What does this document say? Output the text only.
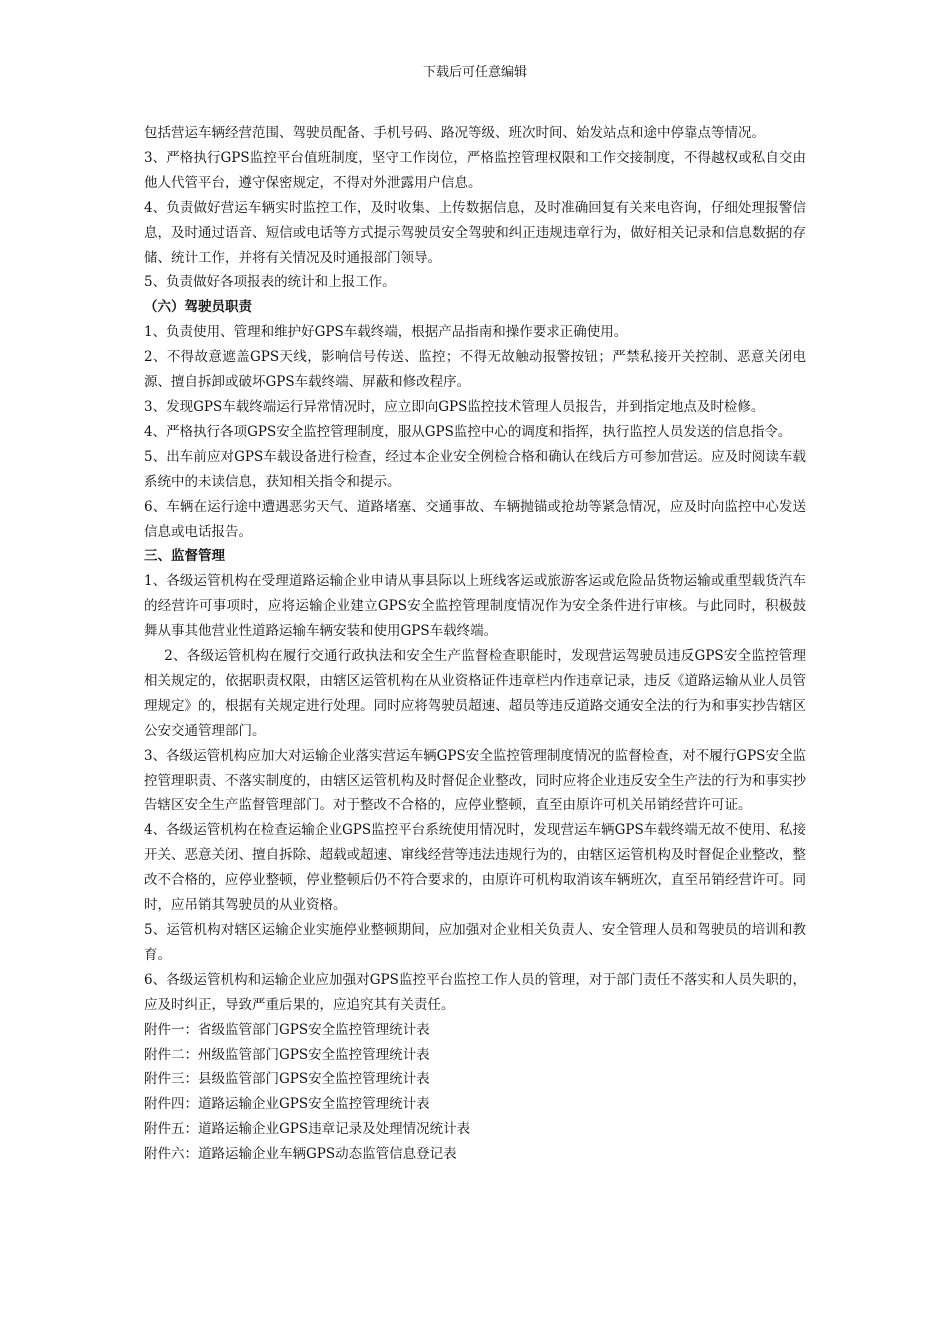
下载后可任意编辑

包括营运车辆经营范围、驾驶员配备、手机号码、路况等级、班次时间、始发站点和途中停靠点等情况。

3、严格执行GPS监控平台值班制度，坚守工作岗位，严格监控管理权限和工作交接制度，不得越权或私自交由他人代管平台，遵守保密规定，不得对外泄露用户信息。

4、负责做好营运车辆实时监控工作，及时收集、上传数据信息，及时准确回复有关来电咨询，仔细处理报警信息，及时通过语音、短信或电话等方式提示驾驶员安全驾驶和纠正违规违章行为，做好相关记录和信息数据的存储、统计工作，并将有关情况及时通报部门领导。

5、负责做好各项报表的统计和上报工作。

（六）驾驶员职责

1、负责使用、管理和维护好GPS车载终端，根据产品指南和操作要求正确使用。

2、不得故意遮盖GPS天线，影响信号传送、监控；不得无故触动报警按钮；严禁私接开关控制、恶意关闭电源、擅自拆卸或破坏GPS车载终端、屏蔽和修改程序。

3、发现GPS车载终端运行异常情况时，应立即向GPS监控技术管理人员报告，并到指定地点及时检修。

4、严格执行各项GPS安全监控管理制度，服从GPS监控中心的调度和指挥，执行监控人员发送的信息指令。

5、出车前应对GPS车载设备进行检查，经过本企业安全例检合格和确认在线后方可参加营运。应及时阅读车载系统中的未读信息，获知相关指令和提示。

6、车辆在运行途中遭遇恶劣天气、道路堵塞、交通事故、车辆抛锚或抢劫等紧急情况，应及时向监控中心发送信息或电话报告。

三、监督管理

1、各级运管机构在受理道路运输企业申请从事县际以上班线客运或旅游客运或危险品货物运输或重型载货汽车的经营许可事项时，应将运输企业建立GPS安全监控管理制度情况作为安全条件进行审核。与此同时，积极鼓舞从事其他营业性道路运输车辆安装和使用GPS车载终端。

2、各级运管机构在履行交通行政执法和安全生产监督检查职能时，发现营运驾驶员违反GPS安全监控管理相关规定的，依据职责权限，由辖区运管机构在从业资格证件违章栏内作违章记录，违反《道路运输从业人员管理规定》的，根据有关规定进行处理。同时应将驾驶员超速、超员等违反道路交通安全法的行为和事实抄告辖区公安交通管理部门。

3、各级运管机构应加大对运输企业落实营运车辆GPS安全监控管理制度情况的监督检查，对不履行GPS安全监控管理职责、不落实制度的，由辖区运管机构及时督促企业整改，同时应将企业违反安全生产法的行为和事实抄告辖区安全生产监督管理部门。对于整改不合格的，应停业整顿，直至由原许可机关吊销经营许可证。

4、各级运管机构在检查运输企业GPS监控平台系统使用情况时，发现营运车辆GPS车载终端无故不使用、私接开关、恶意关闭、擅自拆除、超载或超速、窜线经营等违法违规行为的，由辖区运管机构及时督促企业整改，整改不合格的，应停业整顿，停业整顿后仍不符合要求的，由原许可机构取消该车辆班次，直至吊销经营许可。同时，应吊销其驾驶员的从业资格。

5、运管机构对辖区运输企业实施停业整顿期间，应加强对企业相关负责人、安全管理人员和驾驶员的培训和教育。

6、各级运管机构和运输企业应加强对GPS监控平台监控工作人员的管理，对于部门责任不落实和人员失职的，应及时纠正，导致严重后果的，应追究其有关责任。

附件一：省级监管部门GPS安全监控管理统计表

附件二：州级监管部门GPS安全监控管理统计表

附件三：县级监管部门GPS安全监控管理统计表

附件四：道路运输企业GPS安全监控管理统计表

附件五：道路运输企业GPS违章记录及处理情况统计表

附件六：道路运输企业车辆GPS动态监管信息登记表
